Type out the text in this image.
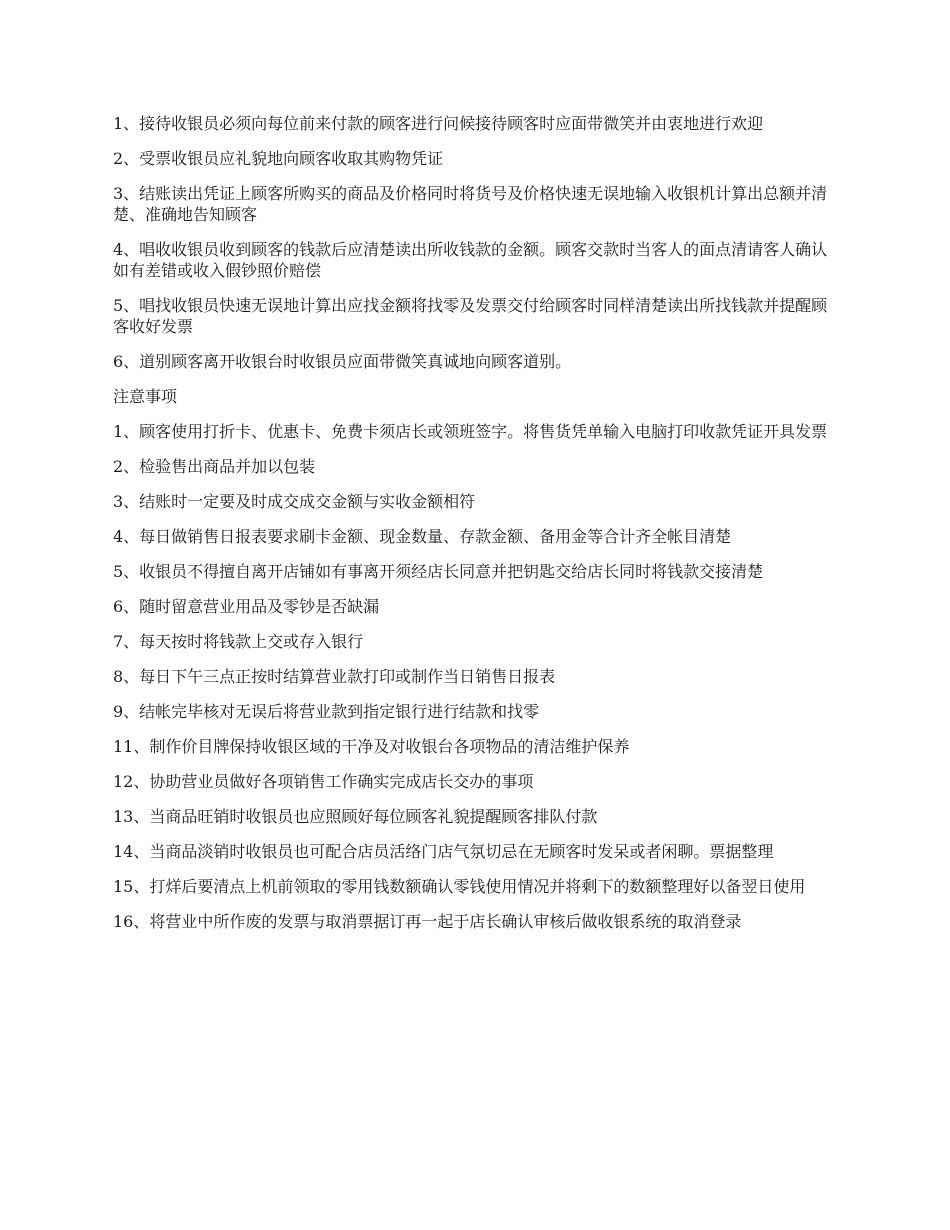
1、接待收银员必须向每位前来付款的顾客进行问候接待顾客时应面带微笑并由衷地进行欢迎

2、受票收银员应礼貌地向顾客收取其购物凭证

3、结账读出凭证上顾客所购买的商品及价格同时将货号及价格快速无误地输入收银机计算出总额并清楚、准确地告知顾客

4、唱收收银员收到顾客的钱款后应清楚读出所收钱款的金额。顾客交款时当客人的面点清请客人确认如有差错或收入假钞照价赔偿

5、唱找收银员快速无误地计算出应找金额将找零及发票交付给顾客时同样清楚读出所找钱款并提醒顾客收好发票

6、道别顾客离开收银台时收银员应面带微笑真诚地向顾客道别。

注意事项

1、顾客使用打折卡、优惠卡、免费卡须店长或领班签字。将售货凭单输入电脑打印收款凭证开具发票

2、检验售出商品并加以包装

3、结账时一定要及时成交成交金额与实收金额相符

4、每日做销售日报表要求刷卡金额、现金数量、存款金额、备用金等合计齐全帐目清楚

5、收银员不得擅自离开店铺如有事离开须经店长同意并把钥匙交给店长同时将钱款交接清楚

6、随时留意营业用品及零钞是否缺漏

7、每天按时将钱款上交或存入银行

8、每日下午三点正按时结算营业款打印或制作当日销售日报表

9、结帐完毕核对无误后将营业款到指定银行进行结款和找零

11、制作价目牌保持收银区域的干净及对收银台各项物品的清洁维护保养

12、协助营业员做好各项销售工作确实完成店长交办的事项

13、当商品旺销时收银员也应照顾好每位顾客礼貌提醒顾客排队付款

14、当商品淡销时收银员也可配合店员活络门店气氛切忌在无顾客时发呆或者闲聊。票据整理

15、打烊后要清点上机前领取的零用钱数额确认零钱使用情况并将剩下的数额整理好以备翌日使用

16、将营业中所作废的发票与取消票据订再一起于店长确认审核后做收银系统的取消登录
